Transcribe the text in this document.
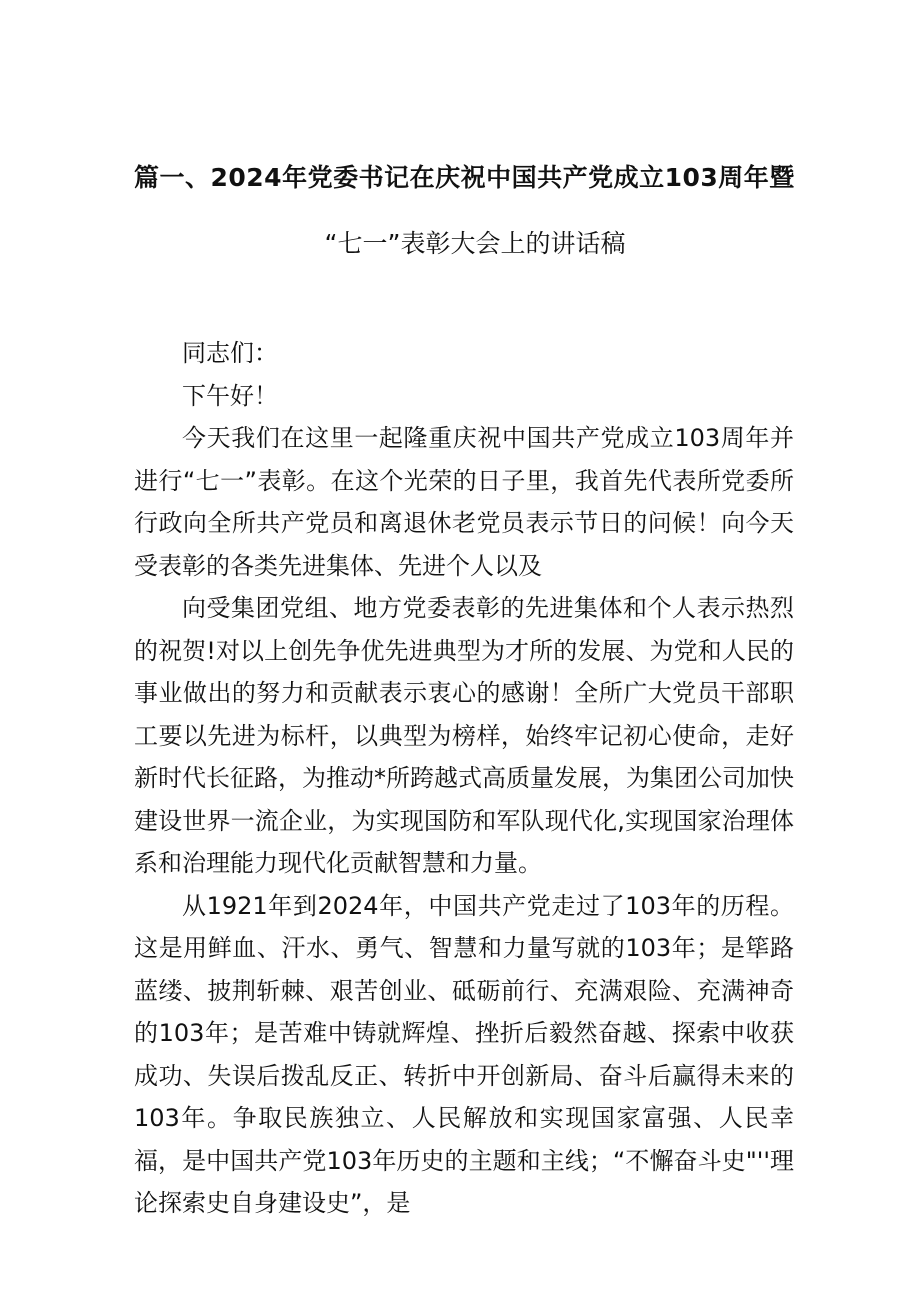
篇一、2024年党委书记在庆祝中国共产党成立103周年暨
“七一”表彰大会上的讲话稿

同志们：

下午好！

今天我们在这里一起隆重庆祝中国共产党成立103周年并进行“七一”表彰。在这个光荣的日子里，我首先代表所党委所行政向全所共产党员和离退休老党员表示节日的问候！向今天受表彰的各类先进集体、先进个人以及

向受集团党组、地方党委表彰的先进集体和个人表示热烈的祝贺!对以上创先争优先进典型为才所的发展、为党和人民的事业做出的努力和贡献表示衷心的感谢！全所广大党员干部职工要以先进为标杆，以典型为榜样，始终牢记初心使命，走好新时代长征路，为推动*所跨越式高质量发展，为集团公司加快建设世界一流企业，为实现国防和军队现代化,实现国家治理体系和治理能力现代化贡献智慧和力量。

从1921年到2024年，中国共产党走过了103年的历程。这是用鲜血、汗水、勇气、智慧和力量写就的103年；是筚路蓝缕、披荆斩棘、艰苦创业、砥砺前行、充满艰险、充满神奇的103年；是苦难中铸就辉煌、挫折后毅然奋越、探索中收获成功、失误后拨乱反正、转折中开创新局、奋斗后赢得未来的103年。争取民族独立、人民解放和实现国家富强、人民幸福，是中国共产党103年历史的主题和主线；“不懈奋斗史"''理论探索史自身建设史”，是
